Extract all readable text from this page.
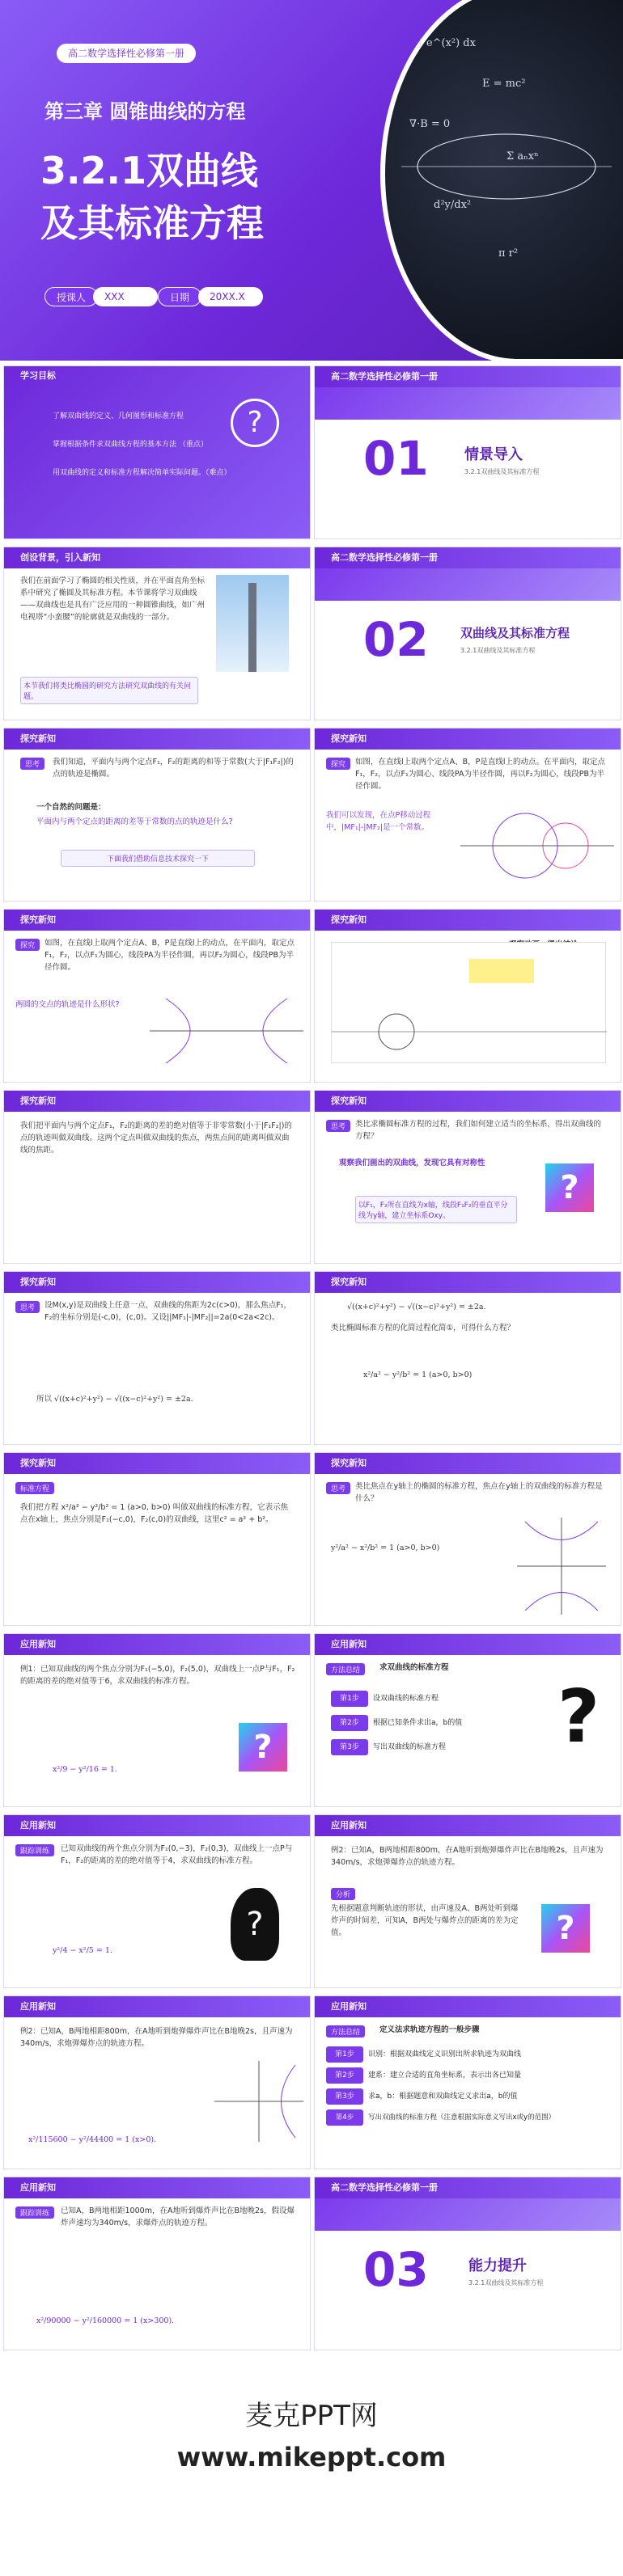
∫ e^(x²) dx
E = mc²
∇·B = 0
Σ aₙxⁿ
d²y/dx²
π r²
高二数学选择性必修第一册
第三章 圆锥曲线的方程
3.2.1双曲线
及其标准方程
授课人	XXX	日期	20XX.X
学习目标
了解双曲线的定义、几何图形和标准方程
掌握根据条件求双曲线方程的基本方法 （重点）
用双曲线的定义和标准方程解决简单实际问题。（难点）
?
高二数学选择性必修第一册
01 情景导入
3.2.1双曲线及其标准方程
创设背景，引入新知
我们在前面学习了椭圆的相关性质，并在平面直角坐标系中研究了椭圆及其标准方程。本节课将学习双曲线——双曲线也是具有广泛应用的一种圆锥曲线，如广州电视塔“小蛮腰”的轮廓就是双曲线的一部分。
本节我们将类比椭圆的研究方法研究双曲线的有关问题。
高二数学选择性必修第一册
02	双曲线及其标准方程
3.2.1双曲线及其标准方程
探究新知
思考	我们知道，平面内与两个定点F₁，F₂的距离的和等于常数(大于|F₁F₂|)的点的轨迹是椭圆。
一个自然的问题是：
平面内与两个定点的距离的差等于常数的点的轨迹是什么?
下面我们借助信息技术探究一下
探究新知
探究	如图，在直线l上取两个定点A、B，P是直线l上的动点。在平面内，取定点F₁，F₂，以点F₁为圆心、线段PA为半径作圆，再以F₂为圆心，线段PB为半径作圆。
我们可以发现，在点P移动过程中，|MF₁|-|MF₂|是一个常数。
探究新知
探究	如图，在直线l上取两个定点A、B，P是直线l上的动点，在平面内，取定点F₁，F₂，以点F₁为圆心，线段PA为半径作圆，再以F₂为圆心，线段PB为半径作圆。
两圆的交点的轨迹是什么形状?
探究新知
探究新知
我们把平面内与两个定点F₁，F₂的距离的差的绝对值等于非零常数(小于|F₁F₂|)的点的轨迹叫做双曲线。这两个定点叫做双曲线的焦点，两焦点间的距离叫做双曲线的焦距。
探究新知
思考	类比求椭圆标准方程的过程，我们如何建立适当的坐标系，得出双曲线的方程？
观察我们画出的双曲线，发现它具有对称性
以F₁，F₂所在直线为x轴，线段F₁F₂的垂直平分线为y轴，建立坐标系Oxy。
?
探究新知
思考	设M(x,y)是双曲线上任意一点，双曲线的焦距为2c(c>0)，那么焦点F₁，F₂的坐标分别是(-c,0)，(c,0)。又设||MF₁|-|MF₂||=2a(0<2a<2c)。
所以 √((x+c)²+y²) − √((x−c)²+y²) = ±2a.
探究新知
√((x+c)²+y²) − √((x−c)²+y²) = ±2a.
类比椭圆标准方程的化简过程化简①，可得什么方程？
x²/a² − y²/b² = 1 (a>0, b>0)
探究新知
标准方程
我们把方程 x²/a² − y²/b² = 1 (a>0, b>0) 叫做双曲线的标准方程，它表示焦点在x轴上，焦点分别是F₁(−c,0)，F₂(c,0)的双曲线，这里c² = a² + b²。
探究新知
思考	类比焦点在y轴上的椭圆的标准方程，焦点在y轴上的双曲线的标准方程是什么？
y²/a² − x²/b² = 1 (a>0, b>0)
应用新知
例1：已知双曲线的两个焦点分别为F₁(−5,0)，F₂(5,0)，双曲线上一点P与F₁，F₂的距离的差的绝对值等于6，求双曲线的标准方程。
x²/9 − y²/16 = 1.
?
应用新知
方法总结	求双曲线的标准方程
第1步 设双曲线的标准方程
第2步 根据已知条件求出a，b的值
第3步 写出双曲线的标准方程 ?
应用新知
跟踪训练	已知双曲线的两个焦点分别为F₁(0,−3)，F₂(0,3)，双曲线上一点P与F₁，F₂的距离的差的绝对值等于4，求双曲线的标准方程。
y²/4 − x²/5 = 1.
?
应用新知
例2：已知A，B两地相距800m，在A地听到炮弹爆炸声比在B地晚2s，且声速为340m/s，求炮弹爆炸点的轨迹方程。
分析
先根据题意判断轨迹的形状，由声速及A、B两处听到爆炸声的时间差，可知A，B两处与爆炸点的距离的差为定值。	?
应用新知
例2：已知A，B两地相距800m，在A地听到炮弹爆炸声比在B地晚2s，且声速为340m/s，求炮弹爆炸点的轨迹方程。
x²/115600 − y²/44400 = 1 (x>0).
应用新知
方法总结	定义法求轨迹方程的一般步骤
第1步 识别：根据双曲线定义识别出所求轨迹为双曲线
第2步 建系：建立合适的直角坐标系，表示出各已知量
第3步 求a，b：根据题意和双曲线定义求出a，b的值
第4步 写出双曲线的标准方程（注意根据实际意义写出x或y的范围）
应用新知
跟踪训练	已知A，B两地相距1000m，在A地听到爆炸声比在B地晚2s，假设爆炸声速均为340m/s，求爆炸点的轨迹方程。
x²/90000 − y²/160000 = 1 (x>300).
高二数学选择性必修第一册
03	能力提升
3.2.1双曲线及其标准方程
麦克PPT网
www.mikeppt.com
